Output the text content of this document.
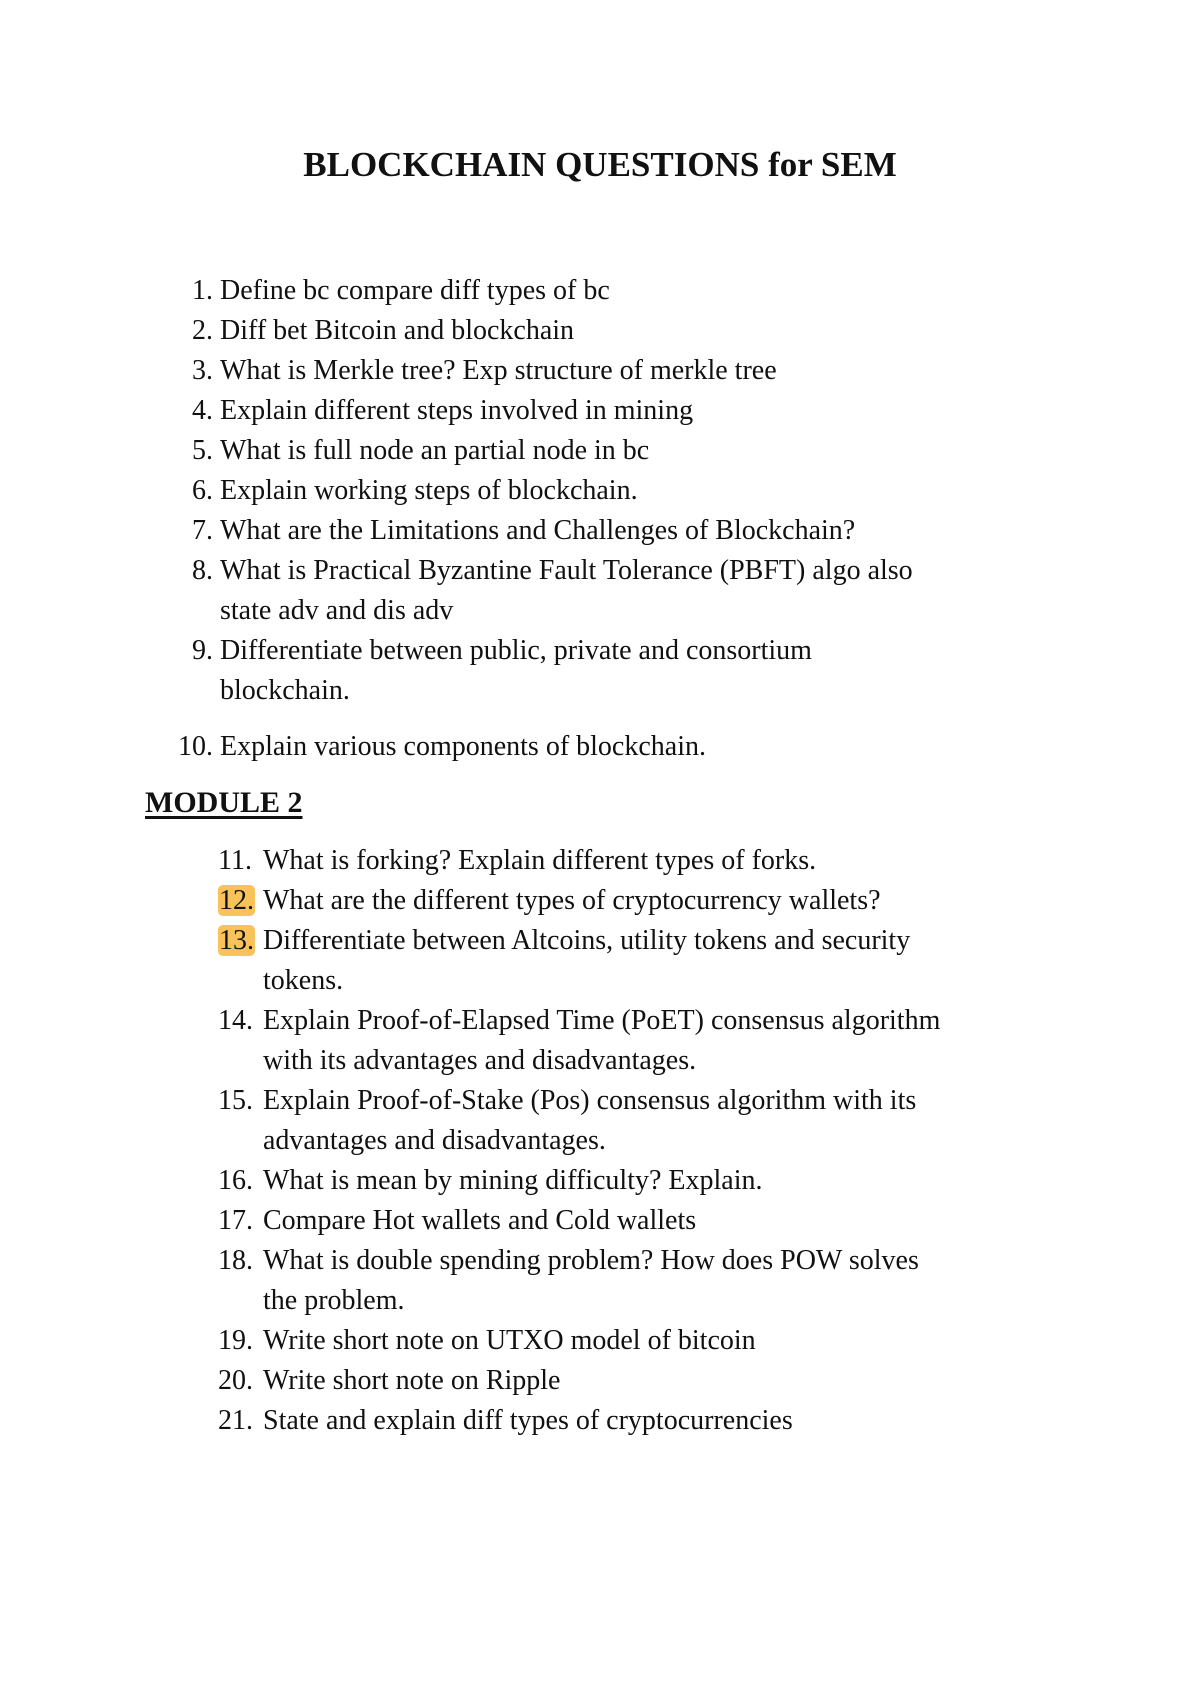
BLOCKCHAIN QUESTIONS for SEM
1. Define bc compare diff types of bc
2. Diff bet Bitcoin and blockchain
3. What is Merkle tree? Exp structure of merkle tree
4. Explain different steps involved in mining
5. What is full node an partial node in bc
6. Explain working steps of blockchain.
7. What are the Limitations and Challenges of Blockchain?
8. What is Practical Byzantine Fault Tolerance (PBFT) algo also
state adv and dis adv
9. Differentiate between public, private and consortium
blockchain.
10. Explain various components of blockchain.
MODULE 2
11. What is forking? Explain different types of forks.
12. What are the different types of cryptocurrency wallets?
13. Differentiate between Altcoins, utility tokens and security
tokens.
14. Explain Proof-of-Elapsed Time (PoET) consensus algorithm
with its advantages and disadvantages.
15. Explain Proof-of-Stake (Pos) consensus algorithm with its
advantages and disadvantages.
16. What is mean by mining difficulty? Explain.
17. Compare Hot wallets and Cold wallets
18. What is double spending problem? How does POW solves
the problem.
19. Write short note on UTXO model of bitcoin
20. Write short note on Ripple
21. State and explain diff types of cryptocurrencies
